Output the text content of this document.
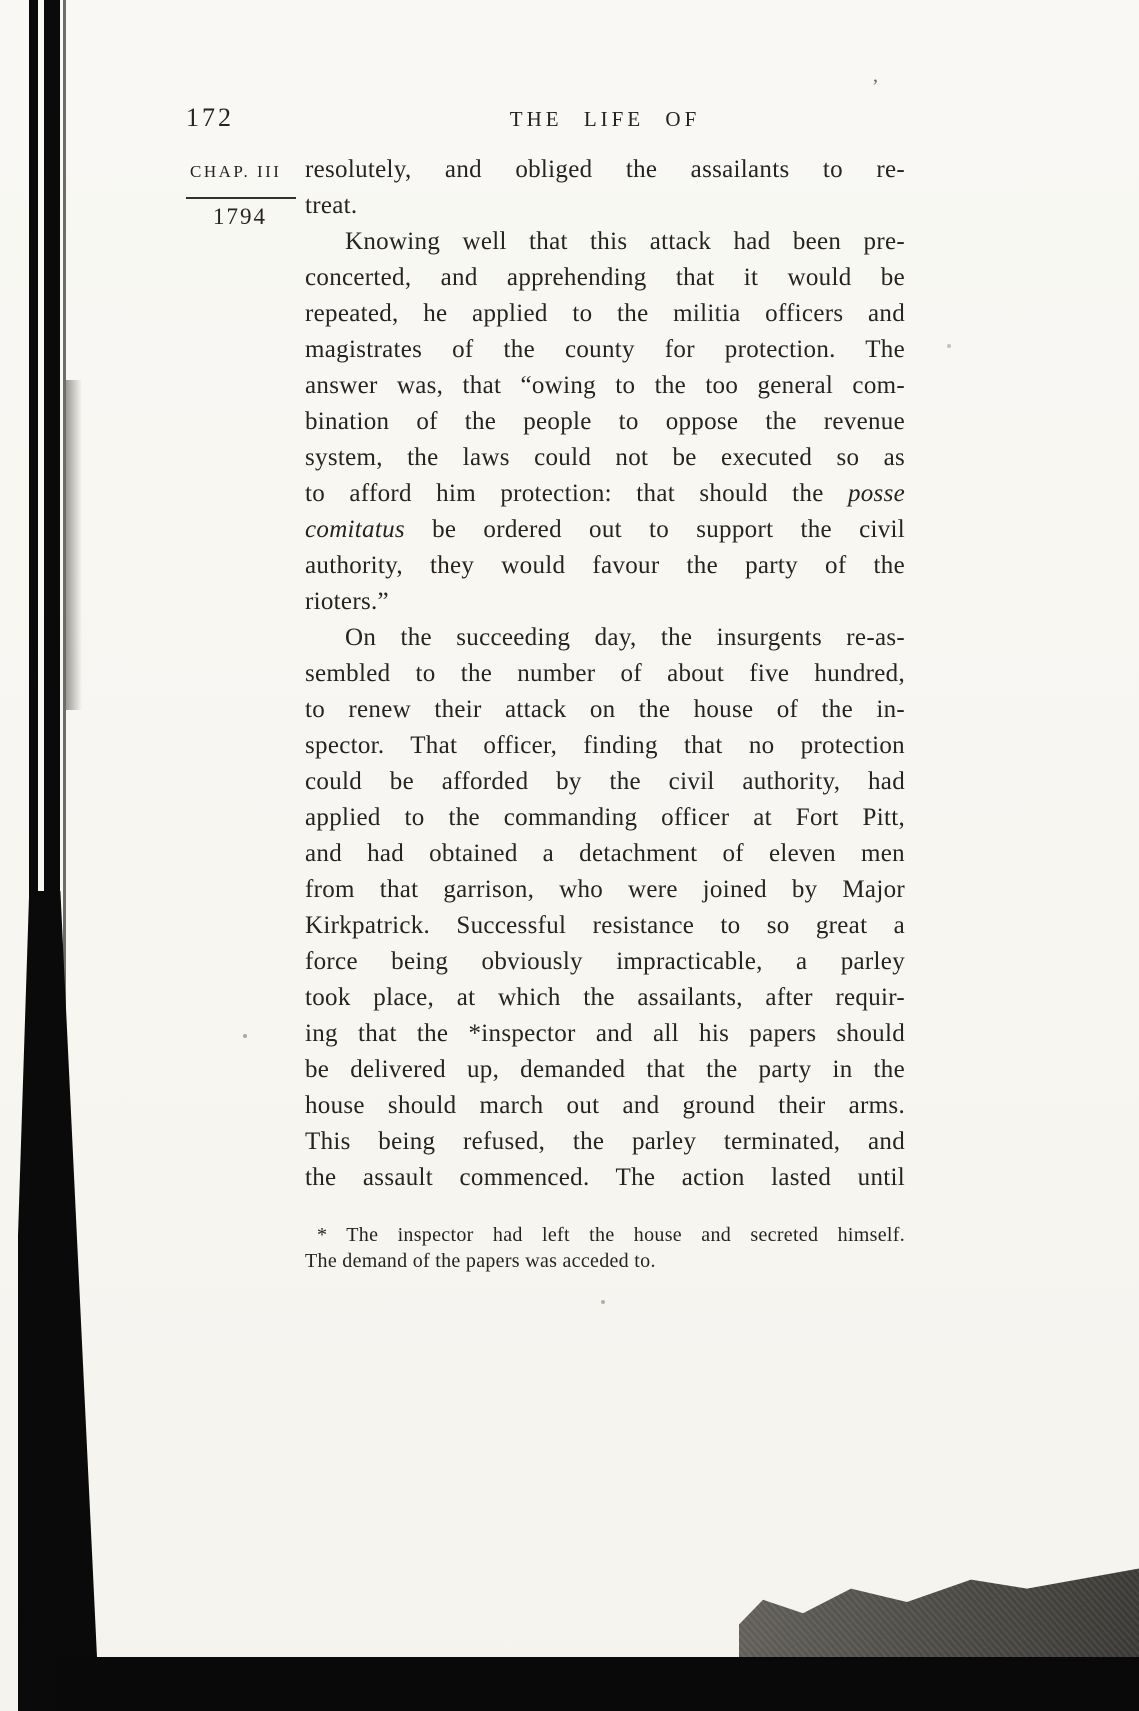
ʼ
172	THE LIFE OF
CHAP. III
1794
resolutely, and obliged the assailants to re-
treat.
Knowing well that this attack had been pre-
concerted, and apprehending that it would be
repeated, he applied to the militia officers and
magistrates of the county for protection. The
answer was, that “owing to the too general com-
bination of the people to oppose the revenue
system, the laws could not be executed so as
to afford him protection: that should the posse
comitatus be ordered out to support the civil
authority, they would favour the party of the
rioters.”
On the succeeding day, the insurgents re-as-
sembled to the number of about five hundred,
to renew their attack on the house of the in-
spector. That officer, finding that no protection
could be afforded by the civil authority, had
applied to the commanding officer at Fort Pitt,
and had obtained a detachment of eleven men
from that garrison, who were joined by Major
Kirkpatrick. Successful resistance to so great a
force being obviously impracticable, a parley
took place, at which the assailants, after requir-
ing that the *inspector and all his papers should
be delivered up, demanded that the party in the
house should march out and ground their arms.
This being refused, the parley terminated, and
the assault commenced. The action lasted until
* The inspector had left the house and secreted himself.
The demand of the papers was acceded to.
